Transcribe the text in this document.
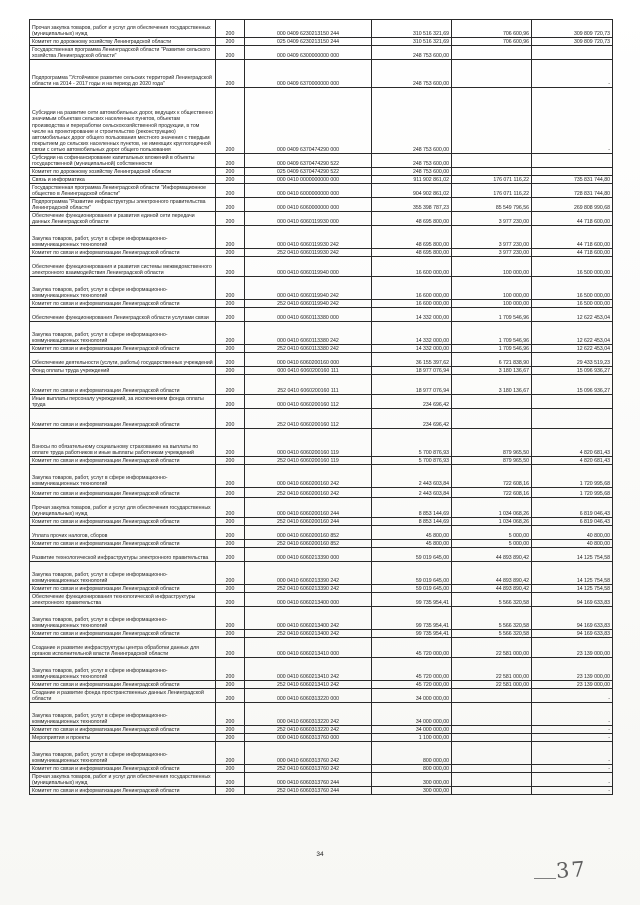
Прочая закупка товаров, работ и услуг для обеспечения государственных (муниципальных) нужд	200	000 0409 6230213150 244	310 516 321,69	706 600,96	309 809 720,73
Комитет по дорожному хозяйству Ленинградской области	200	025 0409 6230213150 244	310 516 321,69	706 600,96	309 809 720,73
Государственная программа Ленинградской области "Развитие сельского хозяйства Ленинградской области"	200	000 0409 6300000000 000	248 753 600,00		
Подпрограмма "Устойчивое развитие сельских территорий Ленинградской области на 2014 - 2017 годы и на период до 2020 года"	200	000 0409 6370000000 000	248 753 600,00		-
Субсидии на развитие сети автомобильных дорог, ведущих к общественно значимым объектам сельских населенных пунктов, объектам производства и переработки сельскохозяйственной продукции, в том числе на проектирование и строительство (реконструкцию) автомобильных дорог общего пользования местного значения с твердым покрытием до сельских населенных пунктов, не имеющих круглогодичной связи с сетью автомобильных дорог общего пользования	200	000 0409 6370474290 000	248 753 600,00		-
Субсидии на софинансирование капитальных вложений в объекты государственной (муниципальной) собственности	200	000 0409 6370474290 522	248 753 600,00		
Комитет по дорожному хозяйству Ленинградской области	200	025 0409 6370474290 522	248 753 600,00		
Связь и информатика	200	000 0410 0000000000 000	911 902 861,02	176 071 116,22	735 831 744,80
Государственная программа Ленинградской области "Информационное общество в Ленинградской области"	200	000 0410 6000000000 000	904 902 861,02	176 071 116,22	728 831 744,80
Подпрограмма "Развитие инфраструктуры электронного правительства Ленинградской области"	200	000 0410 6060000000 000	355 398 787,23	85 549 796,56	269 808 990,68
Обеспечение функционирования и развития единой сети передачи данных Ленинградской области	200	000 0410 6060119930 000	48 695 800,00	3 977 230,00	44 718 600,00
Закупка товаров, работ, услуг в сфере информационно-коммуникационных технологий	200	000 0410 6060119930 242	48 695 800,00	3 977 230,00	44 718 600,00
Комитет по связи и информатизации Ленинградской области	200	252 0410 6060119930 242	48 695 800,00	3 977 230,00	44 718 600,00
Обеспечение функционирования и развития системы межведомственного электронного взаимодействия Ленинградской области	200	000 0410 6060119940 000	16 600 000,00	100 000,00	16 500 000,00
Закупка товаров, работ, услуг в сфере информационно-коммуникационных технологий	200	000 0410 6060119940 242	16 600 000,00	100 000,00	16 500 000,00
Комитет по связи и информатизации Ленинградской области	200	252 0410 6060119940 242	16 600 000,00	100 000,00	16 500 000,00
Обеспечение функционирования Ленинградской области услугами связи	200	000 0410 6060113380 000	14 332 000,00	1 709 546,96	12 622 453,04
Закупка товаров, работ, услуг в сфере информационно-коммуникационных технологий	200	000 0410 6060113380 242	14 332 000,00	1 709 546,96	12 622 453,04
Комитет по связи и информатизации Ленинградской области	200	252 0410 6060113380 242	14 332 000,00	1 709 546,96	12 622 453,04
Обеспечение деятельности (услуги, работы) государственных учреждений	200	000 0410 6060200160 000	36 155 397,62	6 721 838,90	29 433 519,23
Фонд оплаты труда учреждений	200	000 0410 6060200160 111	18 977 076,94	3 180 136,67	15 096 936,27
Комитет по связи и информатизации Ленинградской области	200	252 0410 6060200160 111	18 977 076,94	3 180 136,67	15 096 936,27
Иные выплаты персоналу учреждений, за исключением фонда оплаты труда	200	000 0410 6060200160 112	234 696,42		
Комитет по связи и информатизации Ленинградской области	200	252 0410 6060200160 112	234 696,42		
Взносы по обязательному социальному страхованию на выплаты по оплате труда работников и иные выплаты работникам учреждений	200	000 0410 6060200160 119	5 700 876,93	879 965,50	4 820 681,43
Комитет по связи и информатизации Ленинградской области	200	252 0410 6060200160 119	5 700 876,93	879 965,50	4 820 681,43
Закупка товаров, работ, услуг в сфере информационно-коммуникационных технологий	200	000 0410 6060200160 242	2 443 603,84	722 608,16	1 720 995,68
Комитет по связи и информатизации Ленинградской области	200	252 0410 6060200160 242	2 443 603,84	722 608,16	1 720 995,68
Прочая закупка товаров, работ и услуг для обеспечения государственных (муниципальных) нужд	200	000 0410 6060200160 244	8 853 144,69	1 034 068,26	6 819 046,43
Комитет по связи и информатизации Ленинградской области	200	252 0410 6060200160 244	8 853 144,69	1 034 068,26	6 819 046,43
Уплата прочих налогов, сборов	200	000 0410 6060200160 852	45 800,00	5 000,00	40 800,00
Комитет по связи и информатизации Ленинградской области	200	252 0410 6060200160 852	45 800,00	5 000,00	40 800,00
Развитие технологической инфраструктуры электронного правительства	200	000 0410 6060213390 000	59 019 645,00	44 893 890,42	14 125 754,58
Закупка товаров, работ, услуг в сфере информационно-коммуникационных технологий	200	000 0410 6060213390 242	59 019 645,00	44 893 890,42	14 125 754,58
Комитет по связи и информатизации Ленинградской области	200	252 0410 6060213390 242	59 019 645,00	44 893 890,42	14 125 754,58
Обеспечение функционирования технологической инфраструктуры электронного правительства	200	000 0410 6060213400 000	99 735 954,41	5 566 320,58	94 169 633,83
Закупка товаров, работ, услуг в сфере информационно-коммуникационных технологий	200	000 0410 6060213400 242	99 735 954,41	5 566 320,58	94 169 633,83
Комитет по связи и информатизации Ленинградской области	200	252 0410 6060213400 242	99 735 954,41	5 566 320,58	94 169 633,83
Создание и развитие инфраструктуры центра обработки данных для органов исполнительной власти Ленинградской области	200	000 0410 6060213410 000	45 720 000,00	22 581 000,00	23 139 000,00
Закупка товаров, работ, услуг в сфере информационно-коммуникационных технологий	200	000 0410 6060213410 242	45 720 000,00	22 581 000,00	23 139 000,00
Комитет по связи и информатизации Ленинградской области	200	252 0410 6060213410 242	45 720 000,00	22 581 000,00	23 139 000,00
Создание и развитие фонда пространственных данных Ленинградской области	200	000 0410 6060313220 000	34 000 000,00		-
Закупка товаров, работ, услуг в сфере информационно-коммуникационных технологий	200	000 0410 6060313220 242	34 000 000,00		-
Комитет по связи и информатизации Ленинградской области	200	252 0410 6060313220 242	34 000 000,00		-
Мероприятия и проекты	200	000 0410 6060313760 000	1 100 000,00		-
Закупка товаров, работ, услуг в сфере информационно-коммуникационных технологий	200	000 0410 6060313760 242	800 000,00		-
Комитет по связи и информатизации Ленинградской области	200	252 0410 6060313760 242	800 000,00		-
Прочая закупка товаров, работ и услуг для обеспечения государственных (муниципальных) нужд	200	000 0410 6060313760 244	300 000,00		-
Комитет по связи и информатизации Ленинградской области	200	252 0410 6060313760 244	300 000,00		-
34
37
